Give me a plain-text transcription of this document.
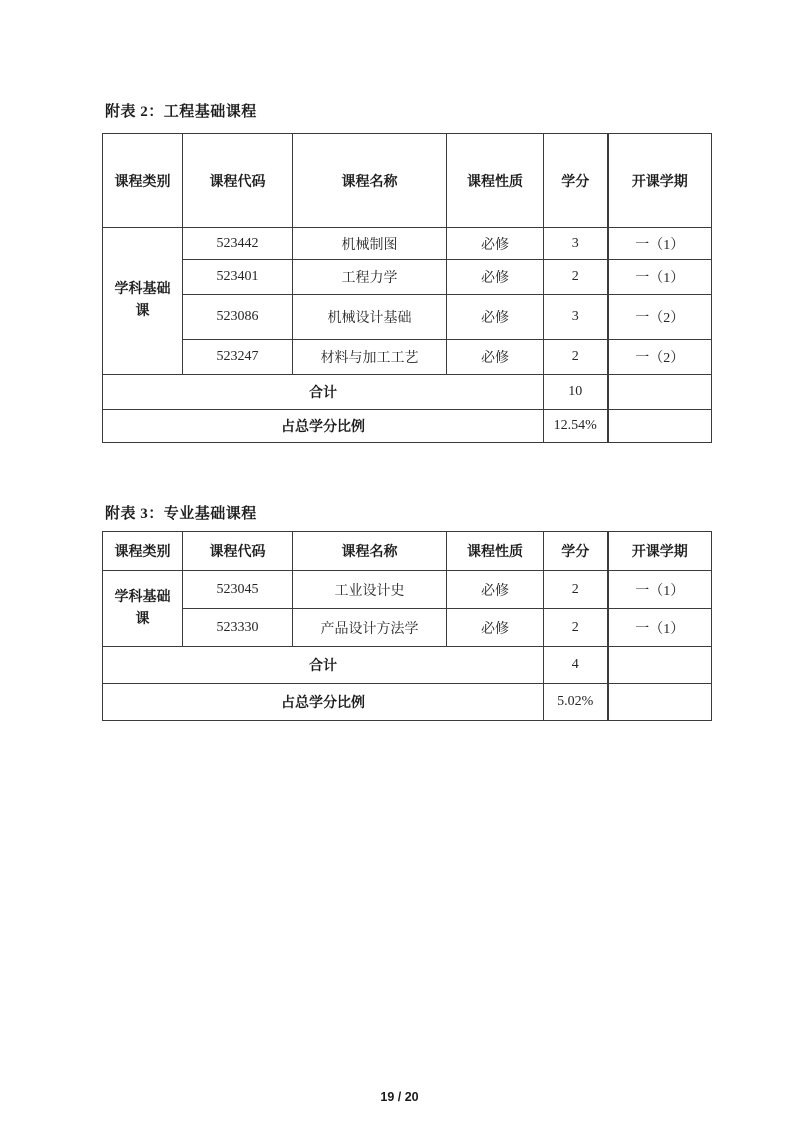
附表 2：工程基础课程
课程类别	课程代码	课程名称	课程性质	学分	开课学期
学科基础课	523442	机械制图	必修	3	一（1）
	523401	工程力学	必修	2	一（1）
	523086	机械设计基础	必修	3	一（2）
	523247	材料与加工工艺	必修	2	一（2）
合计				10	
占总学分比例				12.54%	
附表 3：专业基础课程
课程类别	课程代码	课程名称	课程性质	学分	开课学期
学科基础课	523045	工业设计史	必修	2	一（1）
	523330	产品设计方法学	必修	2	一（1）
合计				4	
占总学分比例				5.02%	
19 / 20
